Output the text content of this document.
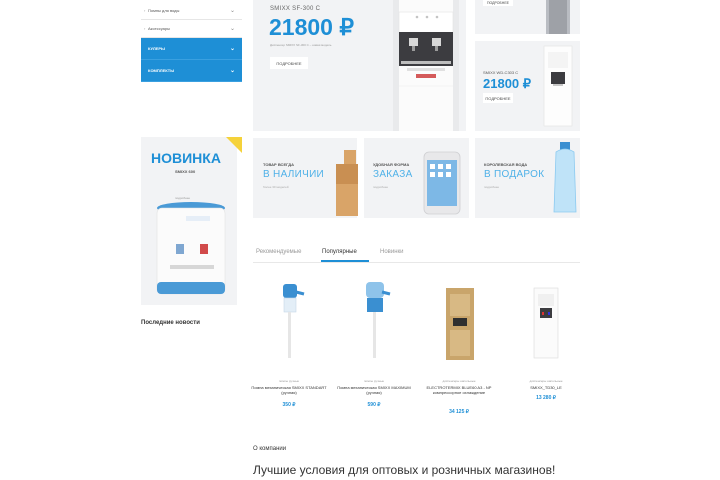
› Помпы для воды	⌄
› Аксессуары	⌄
КУЛЕРЫ	⌄
КОМПЛЕКТЫ	⌄
SMIXX SF-300 C
21800 ₽
Диспенсер SMIXX SF-300 C – новая модель
ПОДРОБНЕЕ
ПОДРОБНЕЕ
SMIXX WD-C303 C
21800 ₽
ПОДРОБНЕЕ
НОВИНКА
SMIXX 600
подробнее
Последние новости
ТОВАР ВСЕГДА
В НАЛИЧИИ
более 30 моделей
УДОБНАЯ ФОРМА
ЗАКАЗА
подробнее
КОРОЛЕВСКАЯ ВОДА
В ПОДАРОК
подробнее
Рекомендуемые	Популярные	Новинки
помпы ручные
Помпа механическая SMIXX STANDART (ручная)
350 ₽
помпы ручные
Помпа механическая SMIXX MAXIMUM (ручная)
590 ₽
диспенсеры напольные
ELECTROTERMIX BLUE60 A3 - NP компрессорное охлаждение
34 125 ₽
диспенсеры напольные
SMIXX_TD30_LE
13 280 ₽
О компании
Лучшие условия для оптовых и розничных магазинов!
